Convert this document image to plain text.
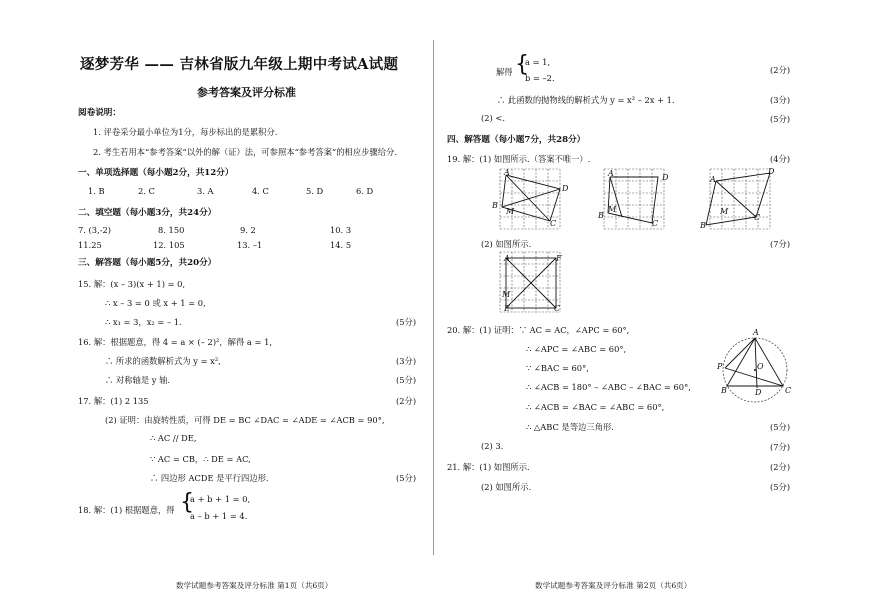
逐梦芳华 —— 吉林省版九年级上期中考试A试题
参考答案及评分标准
阅卷说明：
1. 评卷采分最小单位为1分，每步标出的是累积分.
2. 考生若用本“参考答案”以外的解（证）法，可参照本“参考答案”的相应步骤给分.
一、单项选择题（每小题2分，共12分）
1. B	2. C	3. A	4. C	5. D	6. D
二、填空题（每小题3分，共24分）
7. (3,-2)	8. 150	9. 2	10. 3
11.25	12. 105	13. –1	14. 5
三、解答题（每小题5分，共20分）
15. 解：(x – 3)(x + 1) = 0,
∴ x – 3 = 0 或 x + 1 = 0,
∴ x₁ = 3，x₂ = – 1.	(5分)
16. 解：根据题意，得 4 = a × (– 2)²，解得 a = 1,
∴ 所求的函数解析式为 y = x²,	(3分)
∴ 对称轴是 y 轴.	(5分)
17. 解：(1) 2 135	(2分)
(2) 证明：由旋转性质，可得 DE = BC ∠DAC = ∠ADE = ∠ACB = 90°,
∴ AC // DE,
∵ AC = CB，∴ DE = AC,
∴ 四边形 ACDE 是平行四边形.	(5分)
18. 解：(1) 根据题意，得 {
a + b + 1 = 0,
a – b + 1 = 4.
解得 {
a = 1,
b = –2.
(2分)
∴ 此函数的抛物线的解析式为 y = x² – 2x + 1.	(3分)
(2) <.	(5分)
四、解答题（每小题7分，共28分）
19. 解：(1) 如图所示.（答案不唯一）.	(4分)
A
D
B
M
C
A	D
B
M
C
A
D
B
M
C
(2) 如图所示.	(7分)
A	F
M
E	C
20. 解：(1) 证明：∵ AC = AC，∠APC = 60°,
∴ ∠APC = ∠ABC = 60°,
∵ ∠BAC = 60°,
∴ ∠ACB = 180° – ∠ABC – ∠BAC = 60°,
∴ ∠ACB = ∠BAC = ∠ABC = 60°,
∴ △ABC 是等边三角形.	(5分)
(2) 3.	(7分)
A
P	O
B	D	C
21. 解：(1) 如图所示.	(2分)
(2) 如图所示.	(5分)
数学试题参考答案及评分标准 第1页（共6页）	数学试题参考答案及评分标准 第2页（共6页）
